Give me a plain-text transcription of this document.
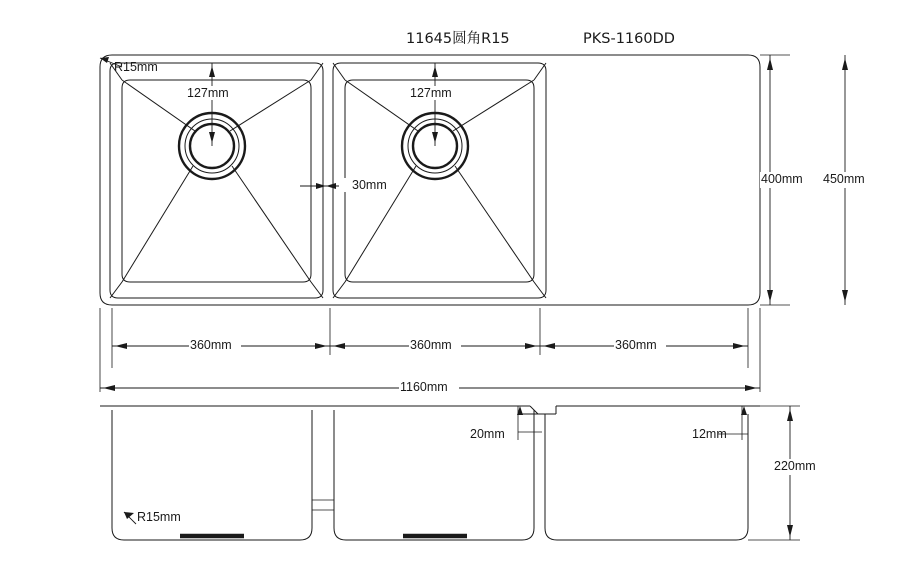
11645圆角R15	PKS-1160DD
R15mm
127mm	127mm
30mm	400mm 450mm
360mm	360mm	360mm
1160mm
20mm	12mm
R15mm
220mm
